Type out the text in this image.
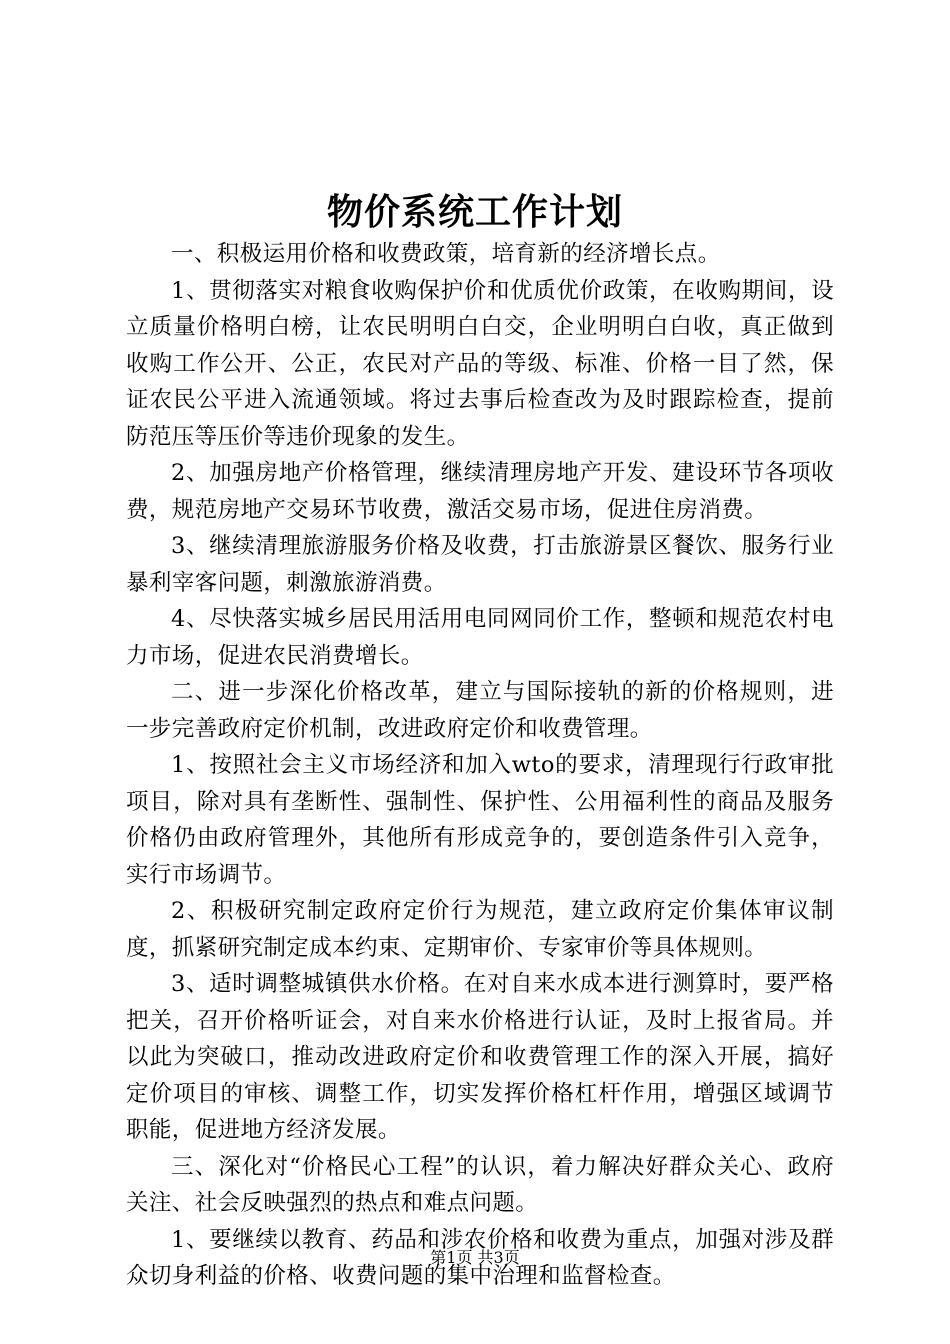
物价系统工作计划

一、积极运用价格和收费政策，培育新的经济增长点。

1、贯彻落实对粮食收购保护价和优质优价政策，在收购期间，设立质量价格明白榜，让农民明明白白交，企业明明白白收，真正做到收购工作公开、公正，农民对产品的等级、标准、价格一目了然，保证农民公平进入流通领域。将过去事后检查改为及时跟踪检查，提前防范压等压价等违价现象的发生。

2、加强房地产价格管理，继续清理房地产开发、建设环节各项收费，规范房地产交易环节收费，激活交易市场，促进住房消费。

3、继续清理旅游服务价格及收费，打击旅游景区餐饮、服务行业暴利宰客问题，刺激旅游消费。

4、尽快落实城乡居民用活用电同网同价工作，整顿和规范农村电力市场，促进农民消费增长。

二、进一步深化价格改革，建立与国际接轨的新的价格规则，进一步完善政府定价机制，改进政府定价和收费管理。

1、按照社会主义市场经济和加入wto的要求，清理现行行政审批项目，除对具有垄断性、强制性、保护性、公用福利性的商品及服务价格仍由政府管理外，其他所有形成竞争的，要创造条件引入竞争，实行市场调节。

2、积极研究制定政府定价行为规范，建立政府定价集体审议制度，抓紧研究制定成本约束、定期审价、专家审价等具体规则。

3、适时调整城镇供水价格。在对自来水成本进行测算时，要严格把关，召开价格听证会，对自来水价格进行认证，及时上报省局。并以此为突破口，推动改进政府定价和收费管理工作的深入开展，搞好定价项目的审核、调整工作，切实发挥价格杠杆作用，增强区域调节职能，促进地方经济发展。

三、深化对“价格民心工程”的认识，着力解决好群众关心、政府关注、社会反映强烈的热点和难点问题。

1、要继续以教育、药品和涉农价格和收费为重点，加强对涉及群众切身利益的价格、收费问题的集中治理和监督检查。

第1页 共3页
